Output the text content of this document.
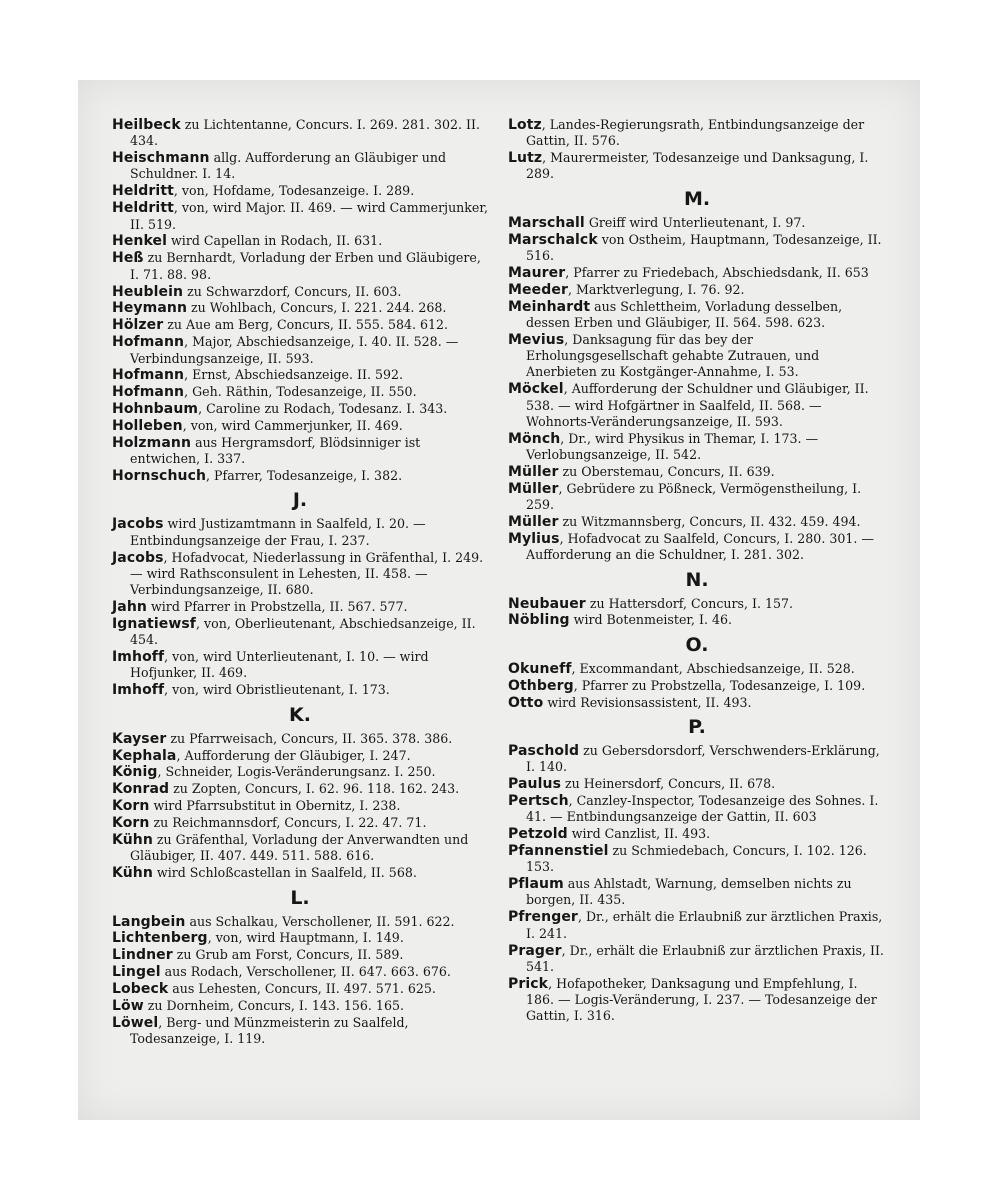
Heilbeck zu Lichtentanne, Concurs. I. 269. 281. 302. II. 434.
Heischmann allg. Aufforderung an Gläubiger und Schuldner. I. 14.
Heldritt, von, Hofdame, Todesanzeige. I. 289.
Heldritt, von, wird Major. II. 469. — wird Cammerjunker, II. 519.
Henkel wird Capellan in Rodach, II. 631.
Heß zu Bernhardt, Vorladung der Erben und Gläubigere, I. 71. 88. 98.
Heublein zu Schwarzdorf, Concurs, II. 603.
Heymann zu Wohlbach, Concurs, I. 221. 244. 268.
Hölzer zu Aue am Berg, Concurs, II. 555. 584. 612.
Hofmann, Major, Abschiedsanzeige, I. 40. II. 528. — Verbindungsanzeige, II. 593.
Hofmann, Ernst, Abschiedsanzeige. II. 592.
Hofmann, Geh. Räthin, Todesanzeige, II. 550.
Hohnbaum, Caroline zu Rodach, Todesanz. I. 343.
Holleben, von, wird Cammerjunker, II. 469.
Holzmann aus Hergramsdorf, Blödsinniger ist entwichen, I. 337.
Hornschuch, Pfarrer, Todesanzeige, I. 382.
J.
Jacobs wird Justizamtmann in Saalfeld, I. 20. — Entbindungsanzeige der Frau, I. 237.
Jacobs, Hofadvocat, Niederlassung in Gräfenthal, I. 249. — wird Rathsconsulent in Lehesten, II. 458. — Verbindungsanzeige, II. 680.
Jahn wird Pfarrer in Probstzella, II. 567. 577.
Ignatiewsf, von, Oberlieutenant, Abschiedsanzeige, II. 454.
Imhoff, von, wird Unterlieutenant, I. 10. — wird Hofjunker, II. 469.
Imhoff, von, wird Obristlieutenant, I. 173.
K.
Kayser zu Pfarrweisach, Concurs, II. 365. 378. 386.
Kephala, Aufforderung der Gläubiger, I. 247.
König, Schneider, Logis-Veränderungsanz. I. 250.
Konrad zu Zopten, Concurs, I. 62. 96. 118. 162. 243.
Korn wird Pfarrsubstitut in Obernitz, I. 238.
Korn zu Reichmannsdorf, Concurs, I. 22. 47. 71.
Kühn zu Gräfenthal, Vorladung der Anverwandten und Gläubiger, II. 407. 449. 511. 588. 616.
Kühn wird Schloßcastellan in Saalfeld, II. 568.
L.
Langbein aus Schalkau, Verschollener, II. 591. 622.
Lichtenberg, von, wird Hauptmann, I. 149.
Lindner zu Grub am Forst, Concurs, II. 589.
Lingel aus Rodach, Verschollener, II. 647. 663. 676.
Lobeck aus Lehesten, Concurs, II. 497. 571. 625.
Löw zu Dornheim, Concurs, I. 143. 156. 165.
Löwel, Berg- und Münzmeisterin zu Saalfeld, Todesanzeige, I. 119.
Lotz, Landes-Regierungsrath, Entbindungsanzeige der Gattin, II. 576.
Lutz, Maurermeister, Todesanzeige und Danksagung, I. 289.
M.
Marschall Greiff wird Unterlieutenant, I. 97.
Marschalck von Ostheim, Hauptmann, Todesanzeige, II. 516.
Maurer, Pfarrer zu Friedebach, Abschiedsdank, II. 653
Meeder, Marktverlegung, I. 76. 92.
Meinhardt aus Schlettheim, Vorladung desselben, dessen Erben und Gläubiger, II. 564. 598. 623.
Mevius, Danksagung für das bey der Erholungsgesellschaft gehabte Zutrauen, und Anerbieten zu Kostgänger-Annahme, I. 53.
Möckel, Aufforderung der Schuldner und Gläubiger, II. 538. — wird Hofgärtner in Saalfeld, II. 568. — Wohnorts-Veränderungsanzeige, II. 593.
Mönch, Dr., wird Physikus in Themar, I. 173. — Verlobungsanzeige, II. 542.
Müller zu Oberstemau, Concurs, II. 639.
Müller, Gebrüdere zu Pößneck, Vermögenstheilung, I. 259.
Müller zu Witzmannsberg, Concurs, II. 432. 459. 494.
Mylius, Hofadvocat zu Saalfeld, Concurs, I. 280. 301. — Aufforderung an die Schuldner, I. 281. 302.
N.
Neubauer zu Hattersdorf, Concurs, I. 157.
Nöbling wird Botenmeister, I. 46.
O.
Okuneff, Excommandant, Abschiedsanzeige, II. 528.
Othberg, Pfarrer zu Probstzella, Todesanzeige, I. 109.
Otto wird Revisionsassistent, II. 493.
P.
Paschold zu Gebersdorsdorf, Verschwenders-Erklärung, I. 140.
Paulus zu Heinersdorf, Concurs, II. 678.
Pertsch, Canzley-Inspector, Todesanzeige des Sohnes. I. 41. — Entbindungsanzeige der Gattin, II. 603
Petzold wird Canzlist, II. 493.
Pfannenstiel zu Schmiedebach, Concurs, I. 102. 126. 153.
Pflaum aus Ahlstadt, Warnung, demselben nichts zu borgen, II. 435.
Pfrenger, Dr., erhält die Erlaubniß zur ärztlichen Praxis, I. 241.
Prager, Dr., erhält die Erlaubniß zur ärztlichen Praxis, II. 541.
Prick, Hofapotheker, Danksagung und Empfehlung, I. 186. — Logis-Veränderung, I. 237. — Todesanzeige der Gattin, I. 316.
